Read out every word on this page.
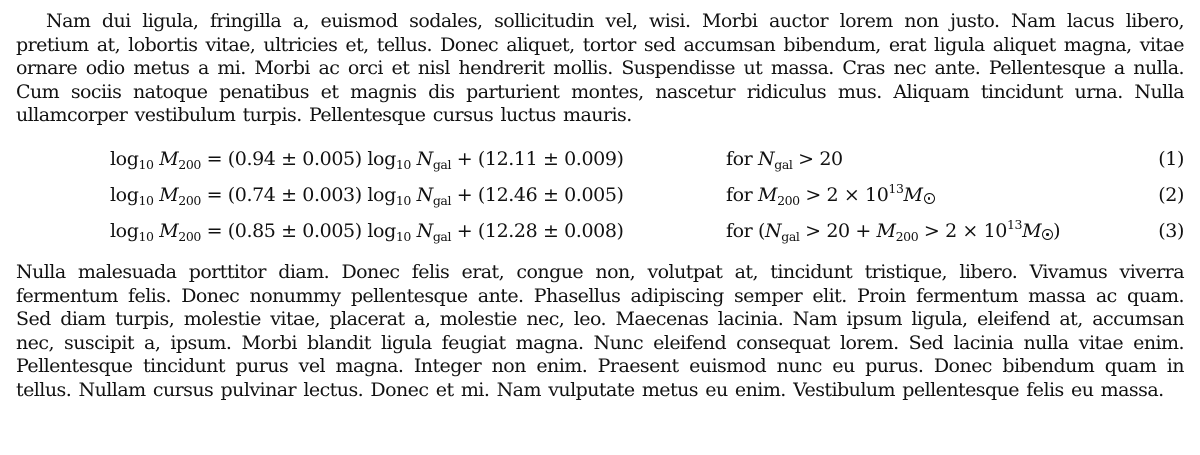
Nam dui ligula, fringilla a, euismod sodales, sollicitudin vel, wisi. Morbi auctor lorem non justo. Nam lacus libero, pretium at, lobortis vitae, ultricies et, tellus. Donec aliquet, tortor sed accumsan bibendum, erat ligula aliquet magna, vitae ornare odio metus a mi. Morbi ac orci et nisl hendrerit mollis. Suspendisse ut massa. Cras nec ante. Pellentesque a nulla. Cum sociis natoque penatibus et magnis dis parturient montes, nascetur ridiculus mus. Aliquam tincidunt urna. Nulla ullamcorper vestibulum turpis. Pellentesque cursus luctus mauris.

$\log_{10} M_{200} = (0.94 \pm 0.005)$ $\log_{10} N_{gal} + (12.11 \pm 0.009)$	for $N_{gal} > 20$	(1)
$\log_{10} M_{200} = (0.74 \pm 0.003)$ $\log_{10} N_{gal} + (12.46 \pm 0.005)$	for $M_{200} > 2 \times 10^{13}M$	(2)
$\log_{10} M_{200} = (0.85 \pm 0.005)$ $\log_{10} N_{gal} + (12.28 \pm 0.008)$	for ($N_{gal} > 20 + M_{200} > 2 \times 10^{13}M$ )	(3)

Nulla malesuada porttitor diam. Donec felis erat, congue non, volutpat at, tincidunt tristique, libero. Vivamus viverra fermentum felis. Donec nonummy pellentesque ante. Phasellus adipiscing semper elit. Proin fermentum massa ac quam. Sed diam turpis, molestie vitae, placerat a, molestie nec, leo. Maecenas lacinia. Nam ipsum ligula, eleifend at, accumsan nec, suscipit a, ipsum. Morbi blandit ligula feugiat magna. Nunc eleifend consequat lorem. Sed lacinia nulla vitae enim. Pellentesque tincidunt purus vel magna. Integer non enim. Praesent euismod nunc eu purus. Donec bibendum quam in tellus. Nullam cursus pulvinar lectus. Donec et mi. Nam vulputate metus eu enim. Vestibulum pellentesque felis eu massa.
